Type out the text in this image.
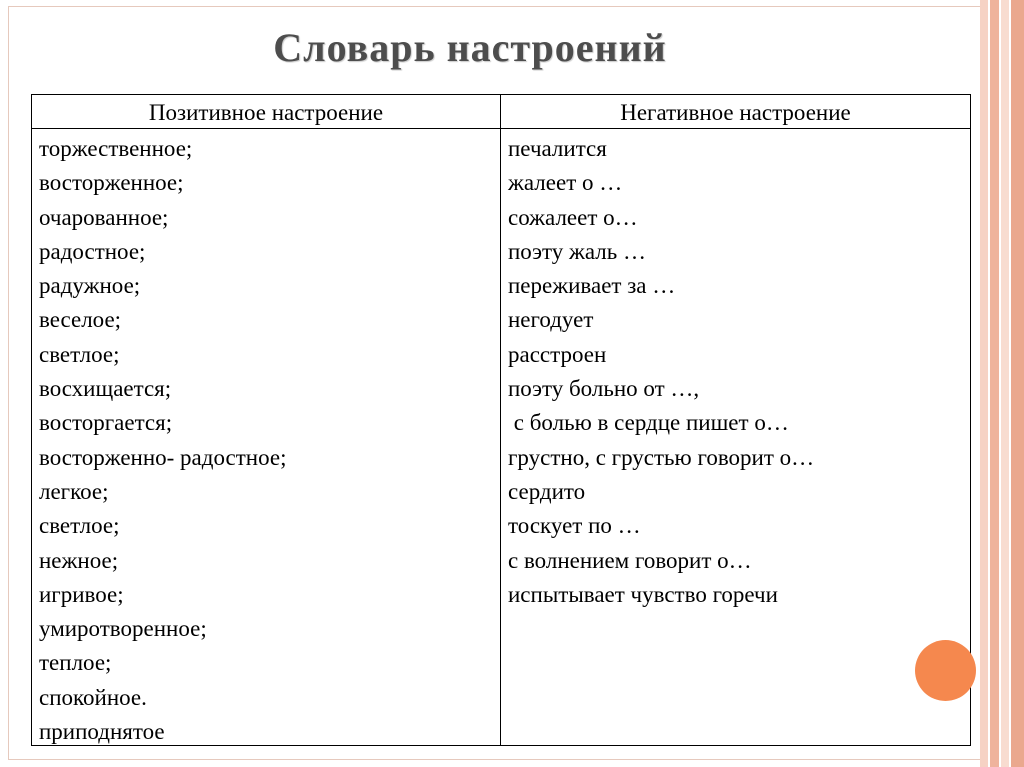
Словарь настроений
Позитивное настроение
торжественное;
восторженное;
очарованное;
радостное;
радужное;
веселое;
светлое;
восхищается;
восторгается;
восторженно- радостное;
легкое;
светлое;
нежное;
игривое;
умиротворенное;
теплое;
спокойное.
приподнятое
Негативное настроение
печалится
жалеет о …
сожалеет о…
поэту жаль …
переживает за …
негодует
расстроен
поэту больно от …,
с болью в сердце пишет о…
грустно, с грустью говорит о…
сердито
тоскует по …
с волнением говорит о…
испытывает чувство горечи
